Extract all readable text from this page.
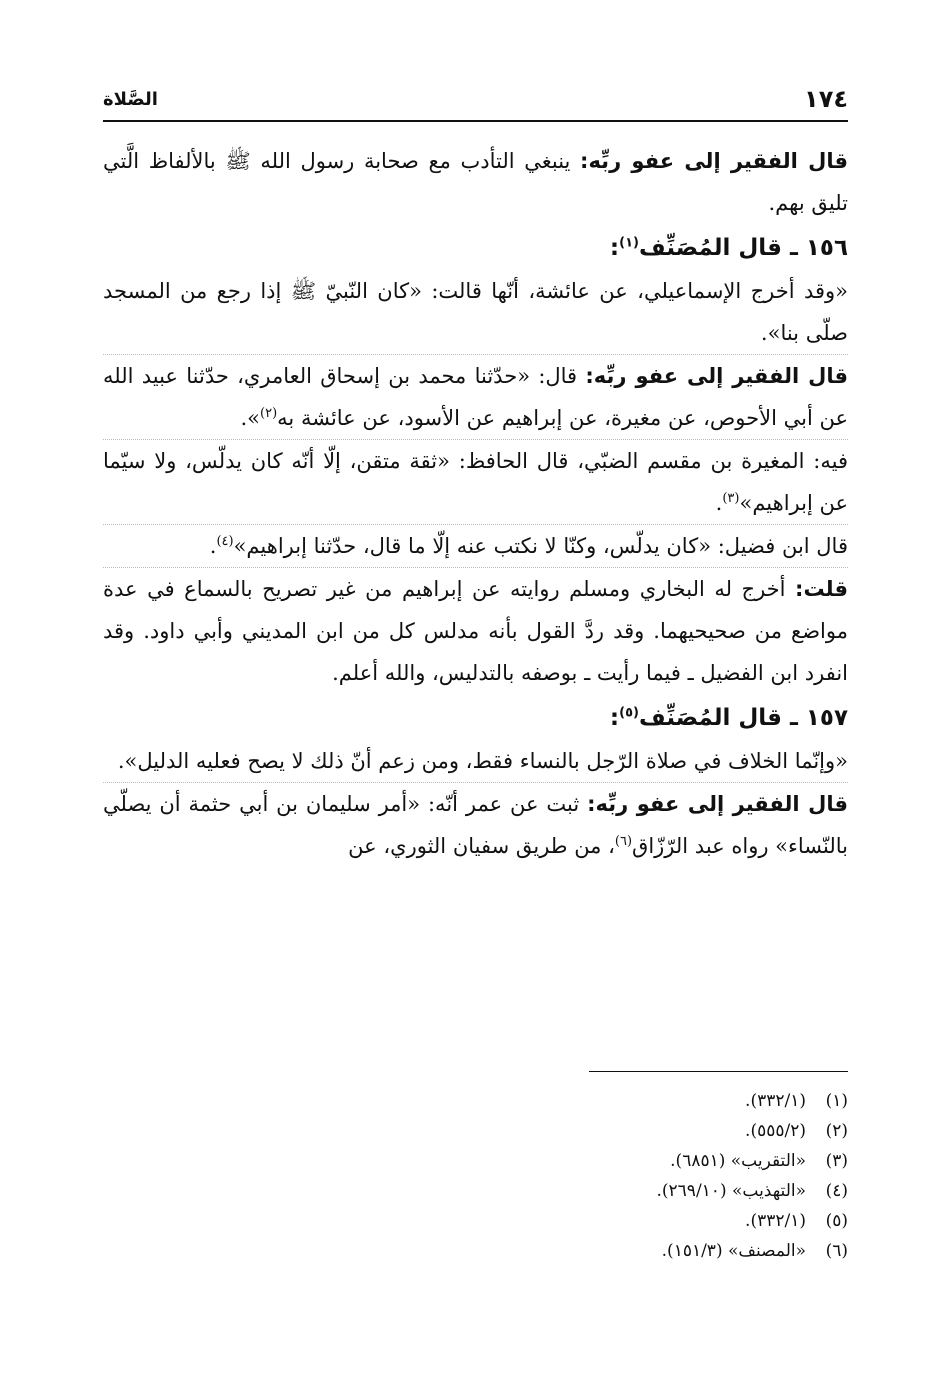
١٧٤
الصَّلاة

قال الفقير إلى عفو ربِّه: ينبغي التأدب مع صحابة رسول الله ﷺ بالألفاظ الَّتي تليق بهم.

١٥٦ ـ قال المُصَنِّف$^{(١)}$:

«وقد أخرج الإسماعيلي، عن عائشة، أنّها قالت: «كان النّبيّ ﷺ إذا رجع من المسجد صلّى بنا».

قال الفقير إلى عفو ربِّه: قال: «حدّثنا محمد بن إسحاق العامري، حدّثنا عبيد الله عن أبي الأحوص، عن مغيرة، عن إبراهيم عن الأسود، عن عائشة به$^{(٢)}$».

فيه: المغيرة بن مقسم الضبّي، قال الحافظ: «ثقة متقن، إلّا أنّه كان يدلّس، ولا سيّما عن إبراهيم»$^{(٣)}$.

قال ابن فضيل: «كان يدلّس، وكنّا لا نكتب عنه إلّا ما قال، حدّثنا إبراهيم»$^{(٤)}$.

قلت: أخرج له البخاري ومسلم روايته عن إبراهيم من غير تصريح بالسماع في عدة مواضع من صحيحيهما. وقد ردَّ القول بأنه مدلس كل من ابن المديني وأبي داود. وقد انفرد ابن الفضيل ـ فيما رأيت ـ بوصفه بالتدليس، والله أعلم.

١٥٧ ـ قال المُصَنِّف$^{(٥)}$:

«وإنّما الخلاف في صلاة الرّجل بالنساء فقط، ومن زعم أنّ ذلك لا يصح فعليه الدليل».

قال الفقير إلى عفو ربِّه: ثبت عن عمر أنّه: «أمر سليمان بن أبي حثمة أن يصلّي بالنّساء» رواه عبد الرّزّاق$^{(٦)}$، من طريق سفيان الثوري، عن

(١)(٣٣٢/١).
(٢)(٥٥٥/٢).
(٣)«التقريب» (٦٨٥١).
(٤)«التهذيب» (٢٦٩/١٠).
(٥)(٣٣٢/١).
(٦)«المصنف» (١٥١/٣).
